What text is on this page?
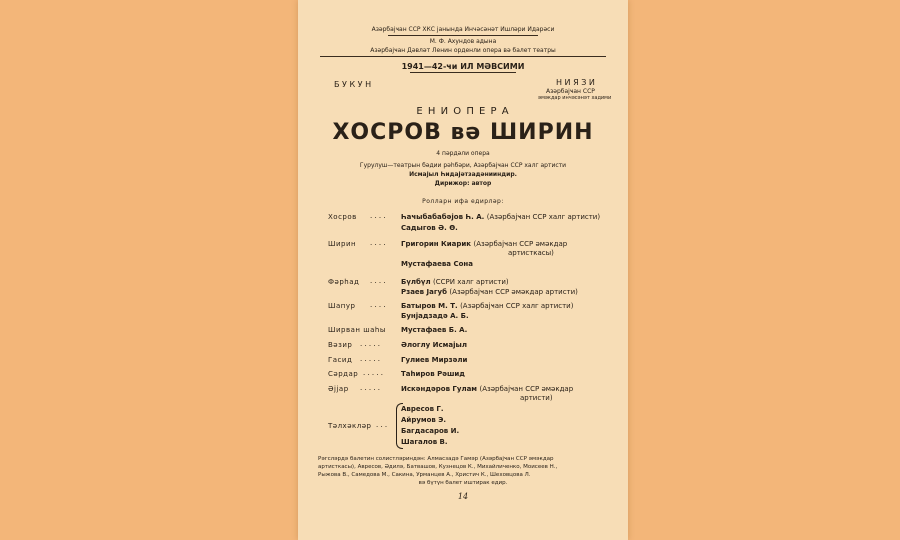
Азәрбајҹан ССР ХКС јанында Инчәсәнәт Ишләри Идарәси
М. Ф. Ахундов адына
Азәрбајҹан Дәвләт Ленин орденли опера вә балет театры
1941—42-ҹи ИЛ МӘВСИМИ
Б У К У Н	Н И Я З И
Азәрбајҹан ССР
әмәкдар инчәсәнәт хадими
Е Н И О П Е Р А
ХОСРОВ вә ШИРИН
4 пәрдәли опера
Гурулуш—театрын бәдии рәһбәри, Азәрбајҹан ССР халг артисти
Исмајыл Һидајәтзадәнииндир.
Дирижор: автор
Ролларн ифа едирләр:
Хосров . . . . Һаҹыбабабәјов Һ. А. (Азәрбајҹан ССР халг артисти)
Садыгов Ә. Ө.
Ширин . . . . Григорин Киарик (Азәрбајҹан ССР әмәкдар
артисткасы)
Мустафаева Сона
Фәрһад . . . . Бүлбүл (ССРИ халг артисти)
Рзаев Јагуб (Азәрбајҹан ССР әмәкдар артисти)
Шапур . . . . Батыров М. Т. (Азәрбајҹан ССР халг артисти)
Бунјадзадә А. Б.
Ширван шаһы Мустафаев Б. А.
Вәзир . . . . .	Әлоглу Исмајыл
Гасид . . . . .	Гулиев Мирзәли
Сәрдар . . . . .	Таһиров Рәшид
Әјјар . . . . .	Искәндәров Гулам (Азәрбајҹан ССР әмәкдар
артисти)
Тәлхәкләр . . .
Авресов Г.
Айрумов Э.
Багдасаров И.
Шагалов В.
Рәгсләрдә балетин солистләриндән: Алмасзадә Гамәр (Азәрбајҹан ССР әмәкдар
артисткасы), Авресов, Әдилә, Батвашов, Кузнецов К., Михайличенко, Моисеев Н.,
Рыжова В., Самедова М., Сакина, Урманцев А., Христич К., Шеховцова Л.
вә бүтүн балет иштирак едир.
14
